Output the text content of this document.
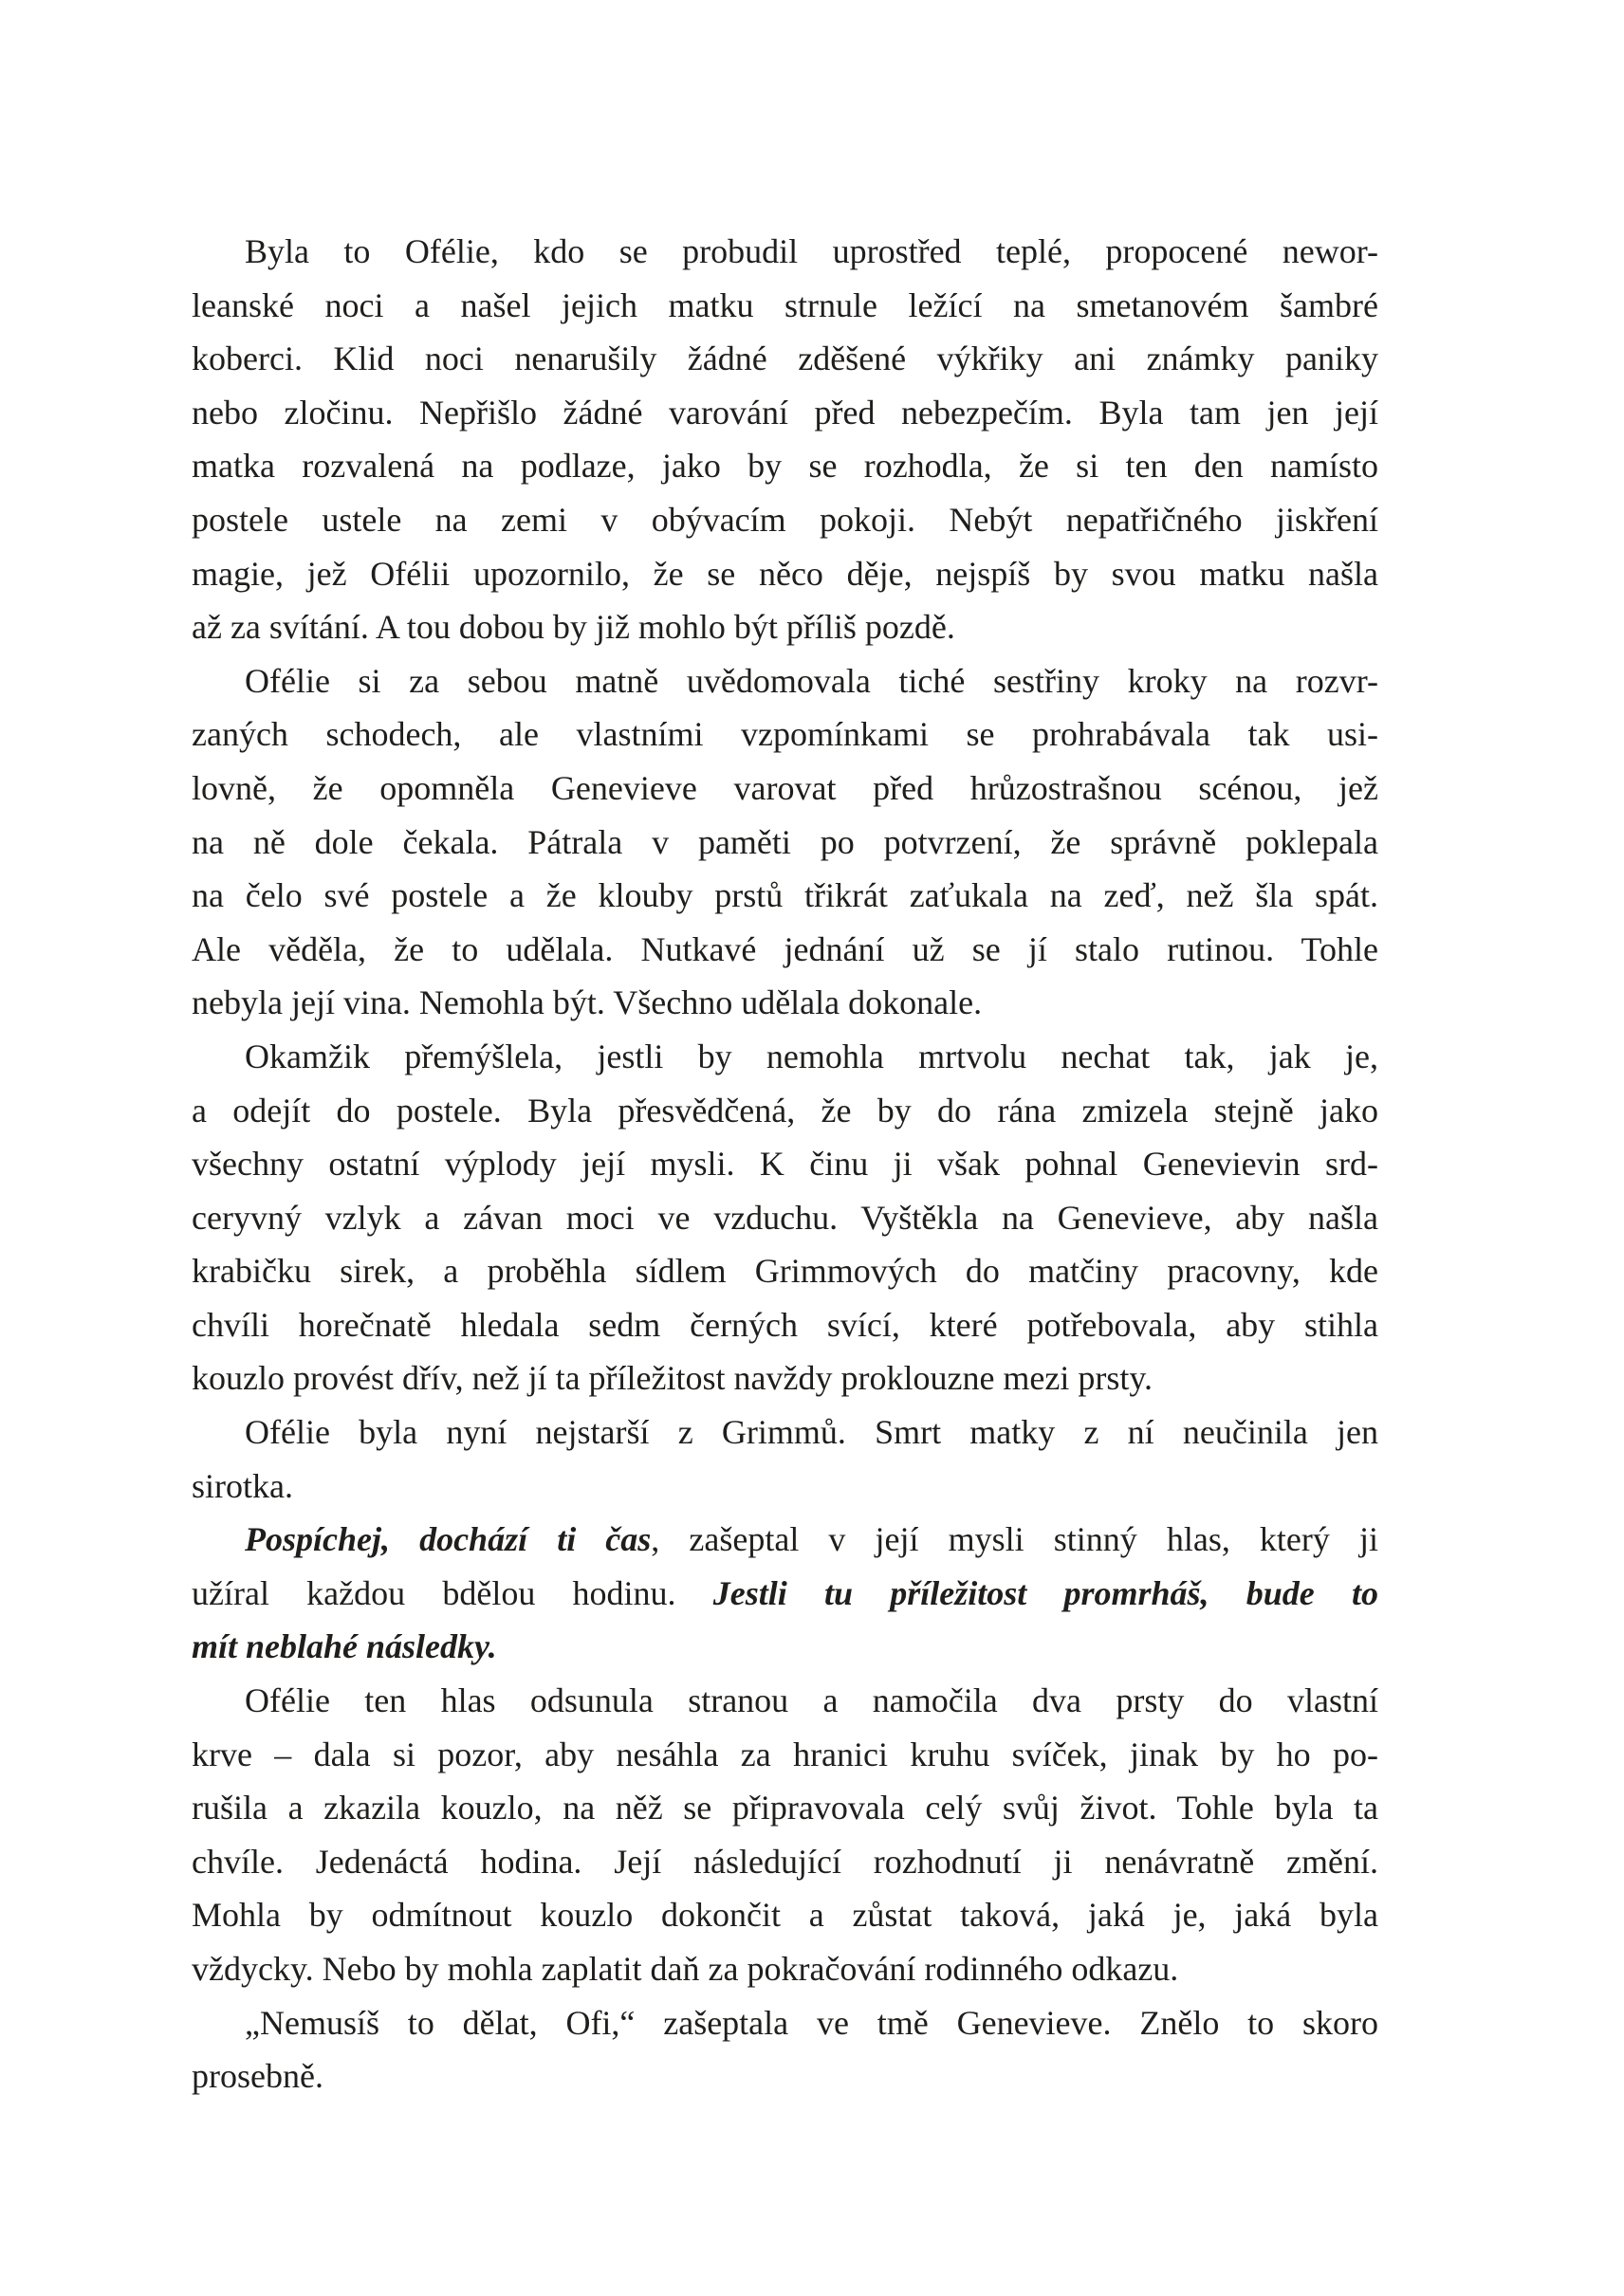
Byla to Ofélie, kdo se probudil uprostřed teplé, propocené newor-
leanské noci a našel jejich matku strnule ležící na smetanovém šambré
koberci. Klid noci nenarušily žádné zděšené výkřiky ani známky paniky
nebo zločinu. Nepřišlo žádné varování před nebezpečím. Byla tam jen její
matka rozvalená na podlaze, jako by se rozhodla, že si ten den namísto
postele ustele na zemi v obývacím pokoji. Nebýt nepatřičného jiskření
magie, jež Ofélii upozornilo, že se něco děje, nejspíš by svou matku našla
až za svítání. A tou dobou by již mohlo být příliš pozdě.
Ofélie si za sebou matně uvědomovala tiché sestřiny kroky na rozvr-
zaných schodech, ale vlastními vzpomínkami se prohrabávala tak usi-
lovně, že opomněla Genevieve varovat před hrůzostrašnou scénou, jež
na ně dole čekala. Pátrala v paměti po potvrzení, že správně poklepala
na čelo své postele a že klouby prstů třikrát zaťukala na zeď, než šla spát.
Ale věděla, že to udělala. Nutkavé jednání už se jí stalo rutinou. Tohle
nebyla její vina. Nemohla být. Všechno udělala dokonale.
Okamžik přemýšlela, jestli by nemohla mrtvolu nechat tak, jak je,
a odejít do postele. Byla přesvědčená, že by do rána zmizela stejně jako
všechny ostatní výplody její mysli. K činu ji však pohnal Genevievin srd-
ceryvný vzlyk a závan moci ve vzduchu. Vyštěkla na Genevieve, aby našla
krabičku sirek, a proběhla sídlem Grimmových do matčiny pracovny, kde
chvíli horečnatě hledala sedm černých svící, které potřebovala, aby stihla
kouzlo provést dřív, než jí ta příležitost navždy proklouzne mezi prsty.
Ofélie byla nyní nejstarší z Grimmů. Smrt matky z ní neučinila jen
sirotka.
Pospíchej, dochází ti čas, zašeptal v její mysli stinný hlas, který ji
užíral každou bdělou hodinu. Jestli tu příležitost promrháš, bude to
mít neblahé následky.
Ofélie ten hlas odsunula stranou a namočila dva prsty do vlastní
krve – dala si pozor, aby nesáhla za hranici kruhu svíček, jinak by ho po-
rušila a zkazila kouzlo, na něž se připravovala celý svůj život. Tohle byla ta
chvíle. Jedenáctá hodina. Její následující rozhodnutí ji nenávratně změní.
Mohla by odmítnout kouzlo dokončit a zůstat taková, jaká je, jaká byla
vždycky. Nebo by mohla zaplatit daň za pokračování rodinného odkazu.
„Nemusíš to dělat, Ofi,“ zašeptala ve tmě Genevieve. Znělo to skoro
prosebně.
